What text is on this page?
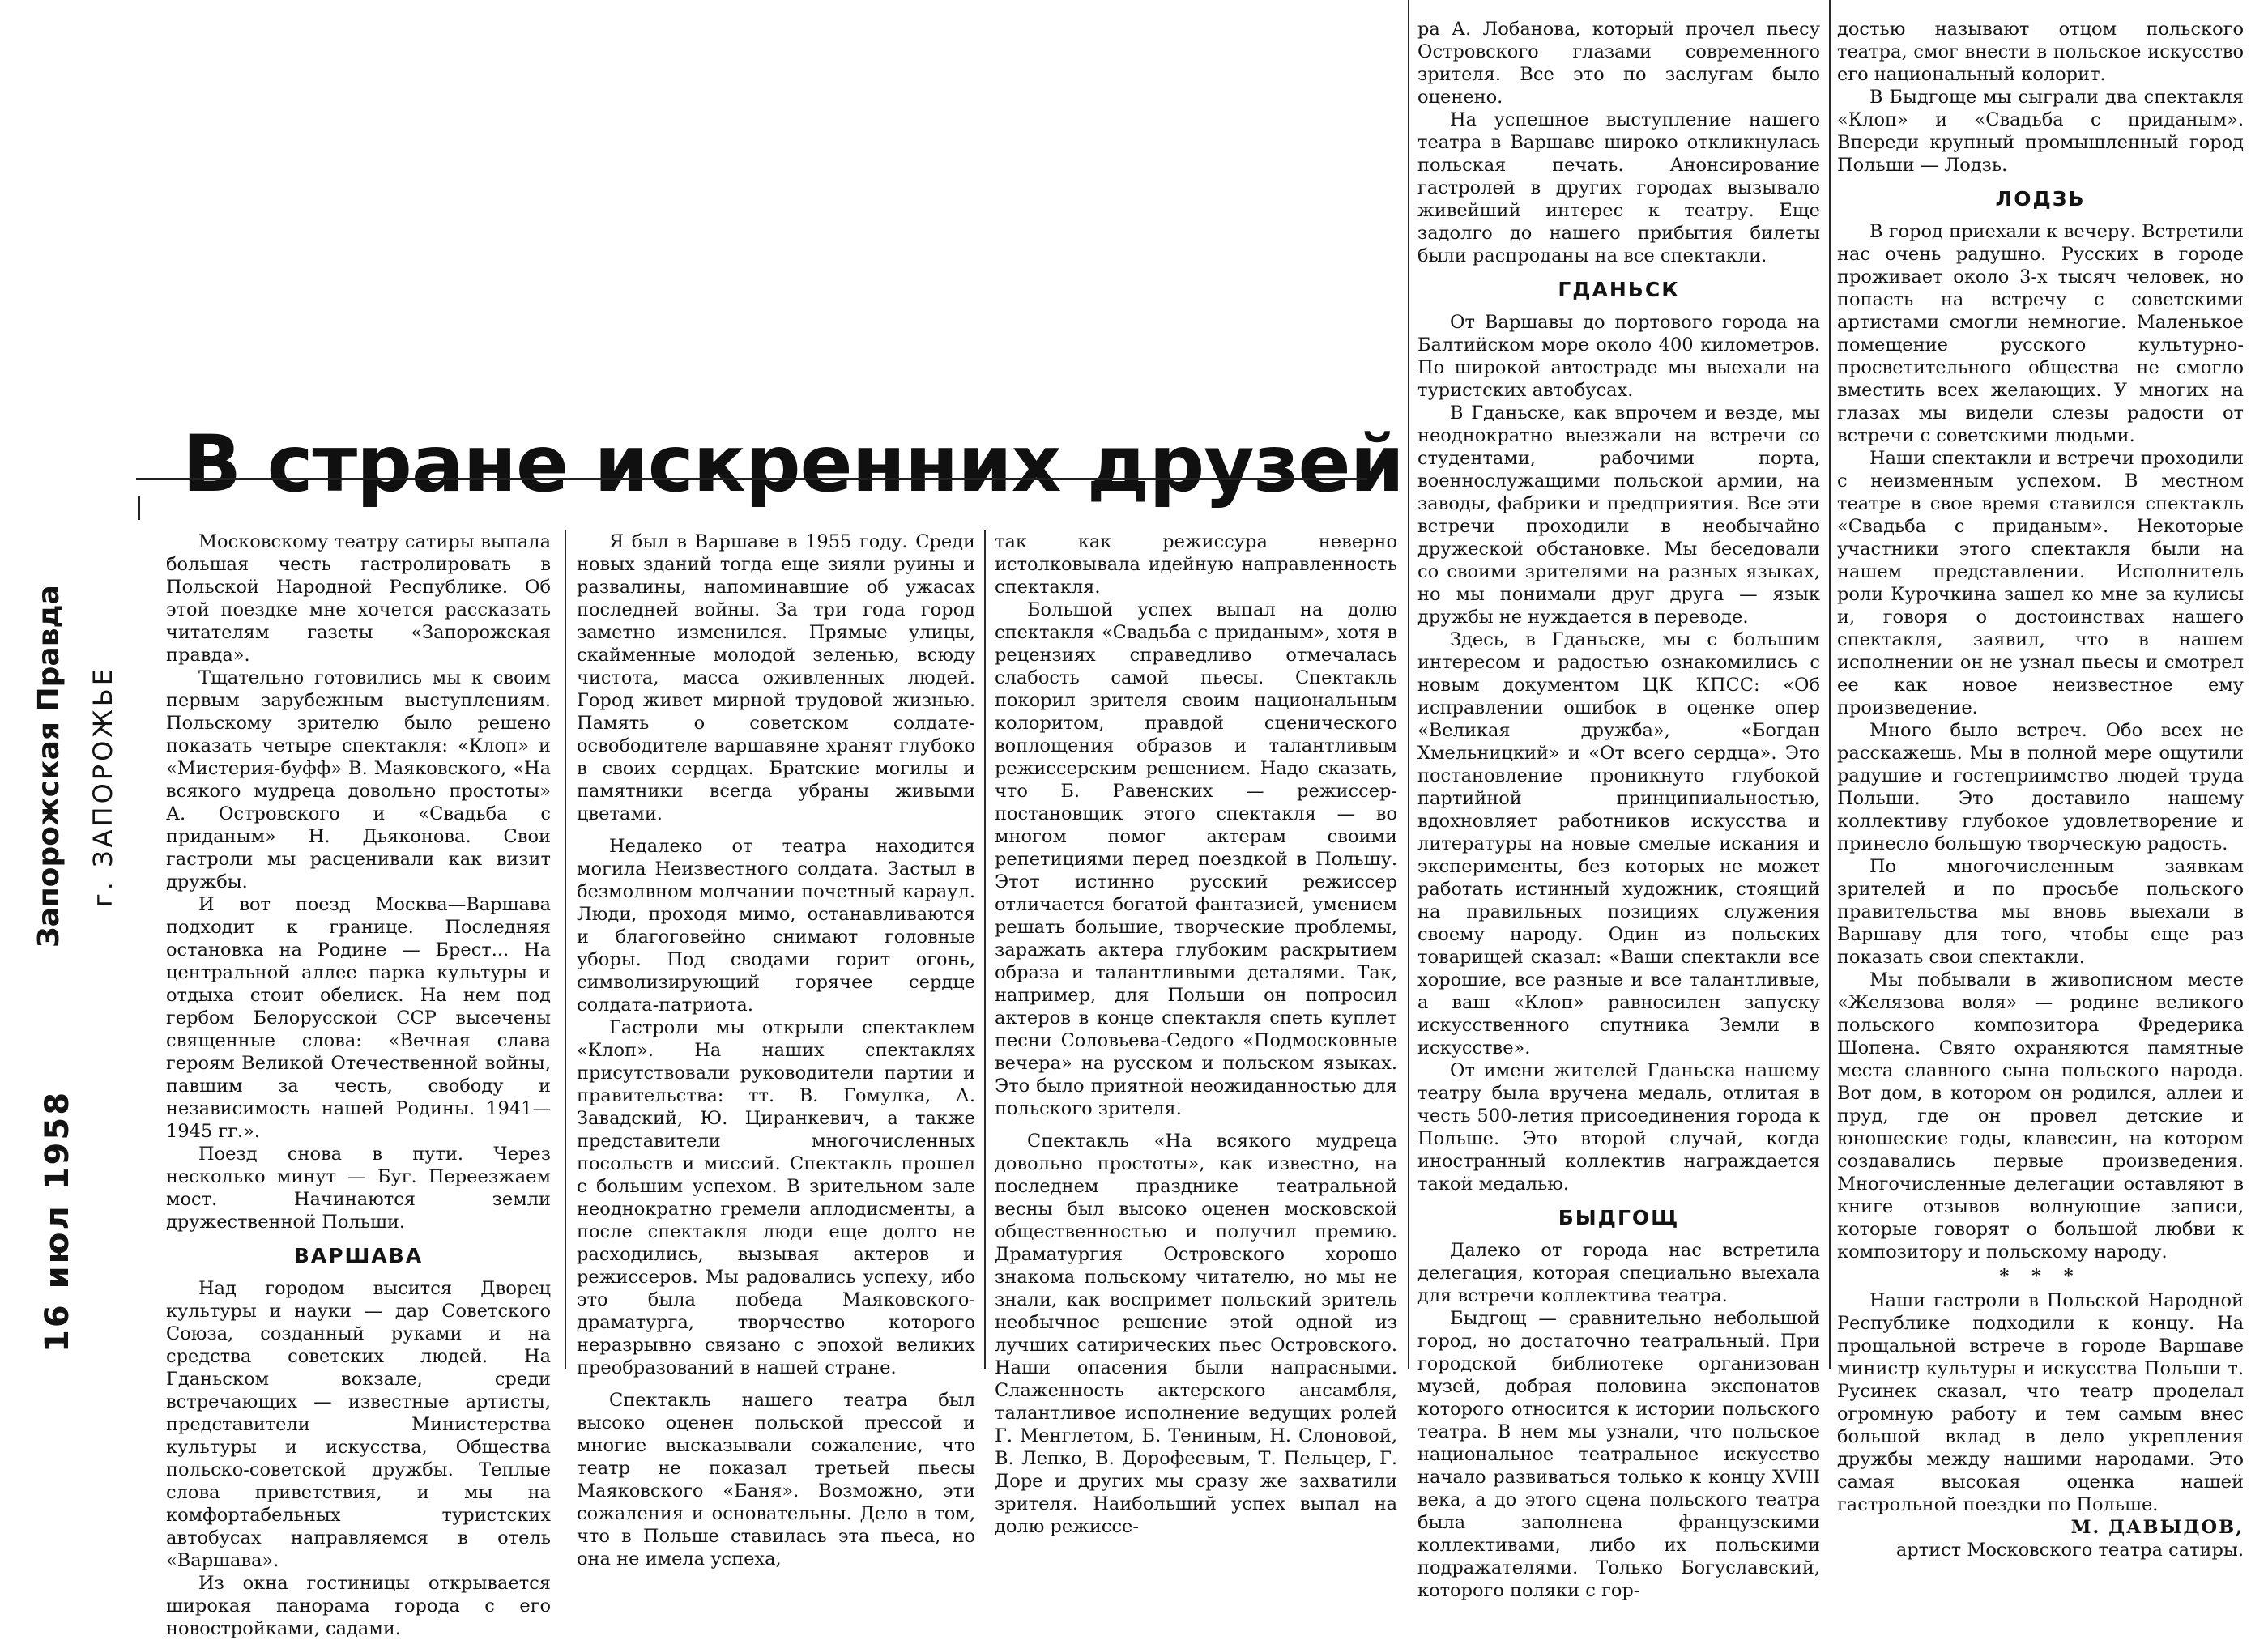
Запорожская Правда г. ЗАПОРОЖЬЕ
16 июл 1958
В стране искренних друзей

Московскому театру сатиры выпала большая честь гастролировать в Польской Народной Республике. Об этой поездке мне хочется рассказать читателям газеты «Запорожская правда».

Тщательно готовились мы к своим первым зарубежным выступлениям. Польскому зрителю было решено показать четыре спектакля: «Клоп» и «Мистерия-буфф» В. Маяковского, «На всякого мудреца довольно простоты» А. Островского и «Свадьба с приданым» Н. Дьяконова. Свои гастроли мы расценивали как визит дружбы.

И вот поезд Москва—Варшава подходит к границе. Последняя остановка на Родине — Брест... На центральной аллее парка культуры и отдыха стоит обелиск. На нем под гербом Белорусской ССР высечены священные слова: «Вечная слава героям Великой Отечественной войны, павшим за честь, свободу и независимость нашей Родины. 1941—1945 гг.».

Поезд снова в пути. Через несколько минут — Буг. Переезжаем мост. Начинаются земли дружественной Польши.

ВАРШАВА

Над городом высится Дворец культуры и науки — дар Советского Союза, созданный руками и на средства советских людей. На Гданьском вокзале, среди встречающих — известные артисты, представители Министерства культуры и искусства, Общества польско-советской дружбы. Теплые слова приветствия, и мы на комфортабельных туристских автобусах направляемся в отель «Варшава».

Из окна гостиницы открывается широкая панорама города с его новостройками, садами.

Я был в Варшаве в 1955 году. Среди новых зданий тогда еще зияли руины и развалины, напоминавшие об ужасах последней войны. За три года город заметно изменился. Прямые улицы, скайменные молодой зеленью, всюду чистота, масса оживленных людей. Город живет мирной трудовой жизнью. Память о советском солдате-освободителе варшавяне хранят глубоко в своих сердцах. Братские могилы и памятники всегда убраны живыми цветами.

Недалеко от театра находится могила Неизвестного солдата. Застыл в безмолвном молчании почетный караул. Люди, проходя мимо, останавливаются и благоговейно снимают головные уборы. Под сводами горит огонь, символизирующий горячее сердце солдата-патриота.

Гастроли мы открыли спектаклем «Клоп». На наших спектаклях присутствовали руководители партии и правительства: тт. В. Гомулка, А. Завадский, Ю. Циранкевич, а также представители многочисленных посольств и миссий. Спектакль прошел с большим успехом. В зрительном зале неоднократно гремели аплодисменты, а после спектакля люди еще долго не расходились, вызывая актеров и режиссеров. Мы радовались успеху, ибо это была победа Маяковского-драматурга, творчество которого неразрывно связано с эпохой великих преобразований в нашей стране.

Спектакль нашего театра был высоко оценен польской прессой и многие высказывали сожаление, что театр не показал третьей пьесы Маяковского «Баня». Возможно, эти сожаления и основательны. Дело в том, что в Польше ставилась эта пьеса, но она не имела успеха,

так как режиссура неверно истолковывала идейную направленность спектакля.

Большой успех выпал на долю спектакля «Свадьба с приданым», хотя в рецензиях справедливо отмечалась слабость самой пьесы. Спектакль покорил зрителя своим национальным колоритом, правдой сценического воплощения образов и талантливым режиссерским решением. Надо сказать, что Б. Равенских — режиссер-постановщик этого спектакля — во многом помог актерам своими репетициями перед поездкой в Польшу. Этот истинно русский режиссер отличается богатой фантазией, умением решать большие, творческие проблемы, заражать актера глубоким раскрытием образа и талантливыми деталями. Так, например, для Польши он попросил актеров в конце спектакля спеть куплет песни Соловьева-Седого «Подмосковные вечера» на русском и польском языках. Это было приятной неожиданностью для польского зрителя.

Спектакль «На всякого мудреца довольно простоты», как известно, на последнем празднике театральной весны был высоко оценен московской общественностью и получил премию. Драматургия Островского хорошо знакома польскому читателю, но мы не знали, как воспримет польский зритель необычное решение этой одной из лучших сатирических пьес Островского. Наши опасения были напрасными. Слаженность актерского ансамбля, талантливое исполнение ведущих ролей Г. Менглетом, Б. Тениным, Н. Слоновой, В. Лепко, В. Дорофеевым, Т. Пельцер, Г. Доре и других мы сразу же захватили зрителя. Наибольший успех выпал на долю режиссе-

ра А. Лобанова, который прочел пьесу Островского глазами современного зрителя. Все это по заслугам было оценено.

На успешное выступление нашего театра в Варшаве широко откликнулась польская печать. Анонсирование гастролей в других городах вызывало живейший интерес к театру. Еще задолго до нашего прибытия билеты были распроданы на все спектакли.

ГДАНЬСК

От Варшавы до портового города на Балтийском море около 400 километров. По широкой автостраде мы выехали на туристских автобусах.

В Гданьске, как впрочем и везде, мы неоднократно выезжали на встречи со студентами, рабочими порта, военнослужащими польской армии, на заводы, фабрики и предприятия. Все эти встречи проходили в необычайно дружеской обстановке. Мы беседовали со своими зрителями на разных языках, но мы понимали друг друга — язык дружбы не нуждается в переводе.

Здесь, в Гданьске, мы с большим интересом и радостью ознакомились с новым документом ЦК КПСС: «Об исправлении ошибок в оценке опер «Великая дружба», «Богдан Хмельницкий» и «От всего сердца». Это постановление проникнуто глубокой партийной принципиальностью, вдохновляет работников искусства и литературы на новые смелые искания и эксперименты, без которых не может работать истинный художник, стоящий на правильных позициях служения своему народу. Один из польских товарищей сказал: «Ваши спектакли все хорошие, все разные и все талантливые, а ваш «Клоп» равносилен запуску искусственного спутника Земли в искусстве».

От имени жителей Гданьска нашему театру была вручена медаль, отлитая в честь 500-летия присоединения города к Польше. Это второй случай, когда иностранный коллектив награждается такой медалью.

БЫДГОЩ

Далеко от города нас встретила делегация, которая специально выехала для встречи коллектива театра.

Быдгощ — сравнительно небольшой город, но достаточно театральный. При городской библиотеке организован музей, добрая половина экспонатов которого относится к истории польского театра. В нем мы узнали, что польское национальное театральное искусство начало развиваться только к концу XVIII века, а до этого сцена польского театра была заполнена французскими коллективами, либо их польскими подражателями. Только Богуславский, которого поляки с гор-

достью называют отцом польского театра, смог внести в польское искусство его национальный колорит.

В Быдгоще мы сыграли два спектакля «Клоп» и «Свадьба с приданым». Впереди крупный промышленный город Польши — Лодзь.

ЛОДЗЬ

В город приехали к вечеру. Встретили нас очень радушно. Русских в городе проживает около 3-х тысяч человек, но попасть на встречу с советскими артистами смогли немногие. Маленькое помещение русского культурно-просветительного общества не смогло вместить всех желающих. У многих на глазах мы видели слезы радости от встречи с советскими людьми.

Наши спектакли и встречи проходили с неизменным успехом. В местном театре в свое время ставился спектакль «Свадьба с приданым». Некоторые участники этого спектакля были на нашем представлении. Исполнитель роли Курочкина зашел ко мне за кулисы и, говоря о достоинствах нашего спектакля, заявил, что в нашем исполнении он не узнал пьесы и смотрел ее как новое неизвестное ему произведение.

Много было встреч. Обо всех не расскажешь. Мы в полной мере ощутили радушие и гостеприимство людей труда Польши. Это доставило нашему коллективу глубокое удовлетворение и принесло большую творческую радость.

По многочисленным заявкам зрителей и по просьбе польского правительства мы вновь выехали в Варшаву для того, чтобы еще раз показать свои спектакли.

Мы побывали в живописном месте «Желязова воля» — родине великого польского композитора Фредерика Шопена. Свято охраняются памятные места славного сына польского народа. Вот дом, в котором он родился, аллеи и пруд, где он провел детские и юношеские годы, клавесин, на котором создавались первые произведения. Многочисленные делегации оставляют в книге отзывов волнующие записи, которые говорят о большой любви к композитору и польскому народу.

* * *

Наши гастроли в Польской Народной Республике подходили к концу. На прощальной встрече в городе Варшаве министр культуры и искусства Польши т. Русинек сказал, что театр проделал огромную работу и тем самым внес большой вклад в дело укрепления дружбы между нашими народами. Это самая высокая оценка нашей гастрольной поездки по Польше.

М. ДАВЫДОВ,
артист Московского театра сатиры.
